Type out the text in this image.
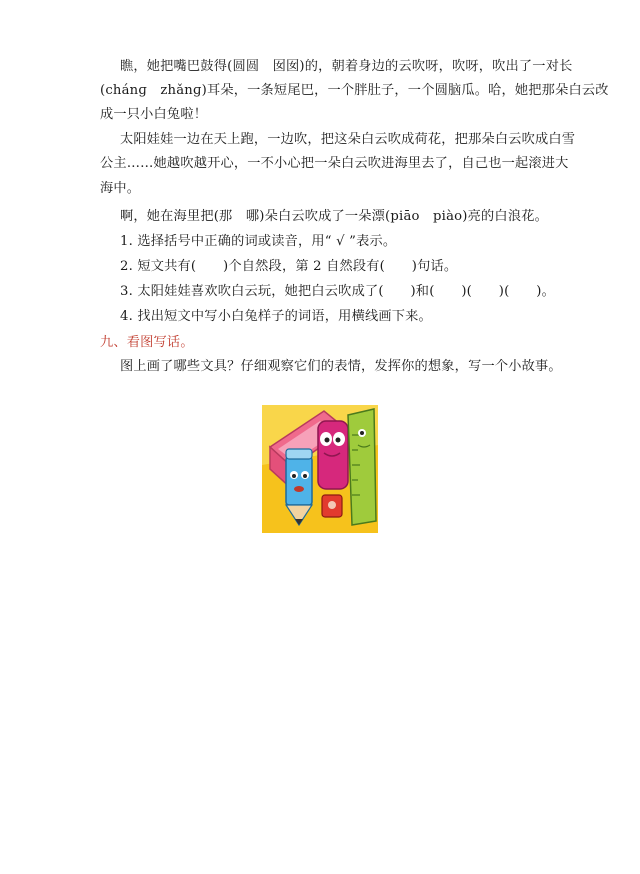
瞧，她把嘴巴鼓得(圆圆　囡囡)的，朝着身边的云吹呀，吹呀，吹出了一对长
(chánɡ　zhǎnɡ)耳朵，一条短尾巴，一个胖肚子，一个圆脑瓜。哈，她把那朵白云改
成一只小白兔啦！
太阳娃娃一边在天上跑，一边吹，把这朵白云吹成荷花，把那朵白云吹成白雪
公主……她越吹越开心，一不小心把一朵白云吹进海里去了，自己也一起滚进大
海中。
啊，她在海里把(那　哪)朵白云吹成了一朵漂(piāo　piào)亮的白浪花。
1. 选择括号中正确的词或读音，用“ √ ”表示。
2. 短文共有(　　)个自然段，第 2 自然段有(　　)句话。
3. 太阳娃娃喜欢吹白云玩，她把白云吹成了(　　)和(　　)(　　)(　　)。
4. 找出短文中写小白兔样子的词语，用横线画下来。
九、看图写话。
图上画了哪些文具？仔细观察它们的表情，发挥你的想象，写一个小故事。
